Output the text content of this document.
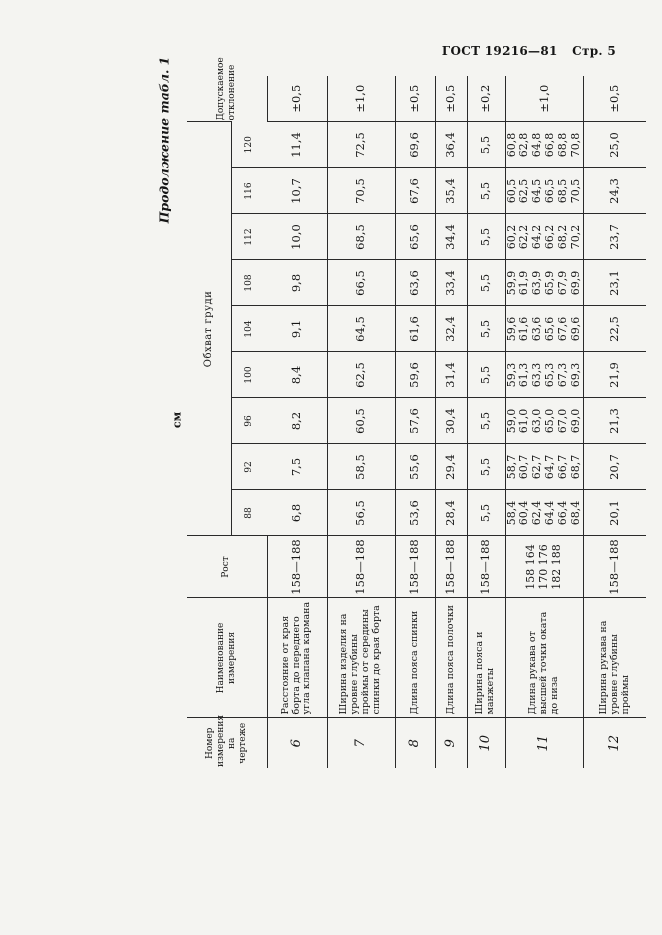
ГОСТ 19216—81 Стр. 5
Продолжение табл. 1
см
Номер измерения на чертеже	Наименование измерения	Рост	Обхват груди									Допускаемое отклонение
			88	92	96	100	104	108	112	116	120	
6	Расстояние от края борта до переднего угла клапана кармана	158—188	6,8	7,5	8,2	8,4	9,1	9,8	10,0	10,7	11,4	±0,5
7	Ширина изделия на уровне глубины проймы от середины спинки до края борта	158—188	56,5	58,5	60,5	62,5	64,5	66,5	68,5	70,5	72,5	±1,0
8	Длина пояса спинки	158—188	53,6	55,6	57,6	59,6	61,6	63,6	65,6	67,6	69,6	±0,5
9	Длина пояса полочки	158—188	28,4	29,4	30,4	31,4	32,4	33,4	34,4	35,4	36,4	±0,5
10	Ширина пояса и манжеты	158—188	5,5	5,5	5,5	5,5	5,5	5,5	5,5	5,5	5,5	±0,2
11	Длина рукава от высшей точки оката до низа	158 164 170 176 182 188	58,4 60,4 62,4 64,4 66,4 68,4	58,7 60,7 62,7 64,7 66,7 68,7	59,0 61,0 63,0 65,0 67,0 69,0	59,3 61,3 63,3 65,3 67,3 69,3	59,6 61,6 63,6 65,6 67,6 69,6	59,9 61,9 63,9 65,9 67,9 69,9	60,2 62,2 64,2 66,2 68,2 70,2	60,5 62,5 64,5 66,5 68,5 70,5	60,8 62,8 64,8 66,8 68,8 70,8	±1,0
12	Ширина рукава на уровне глубины проймы	158—188	20,1	20,7	21,3	21,9	22,5	23,1	23,7	24,3	25,0	±0,5
